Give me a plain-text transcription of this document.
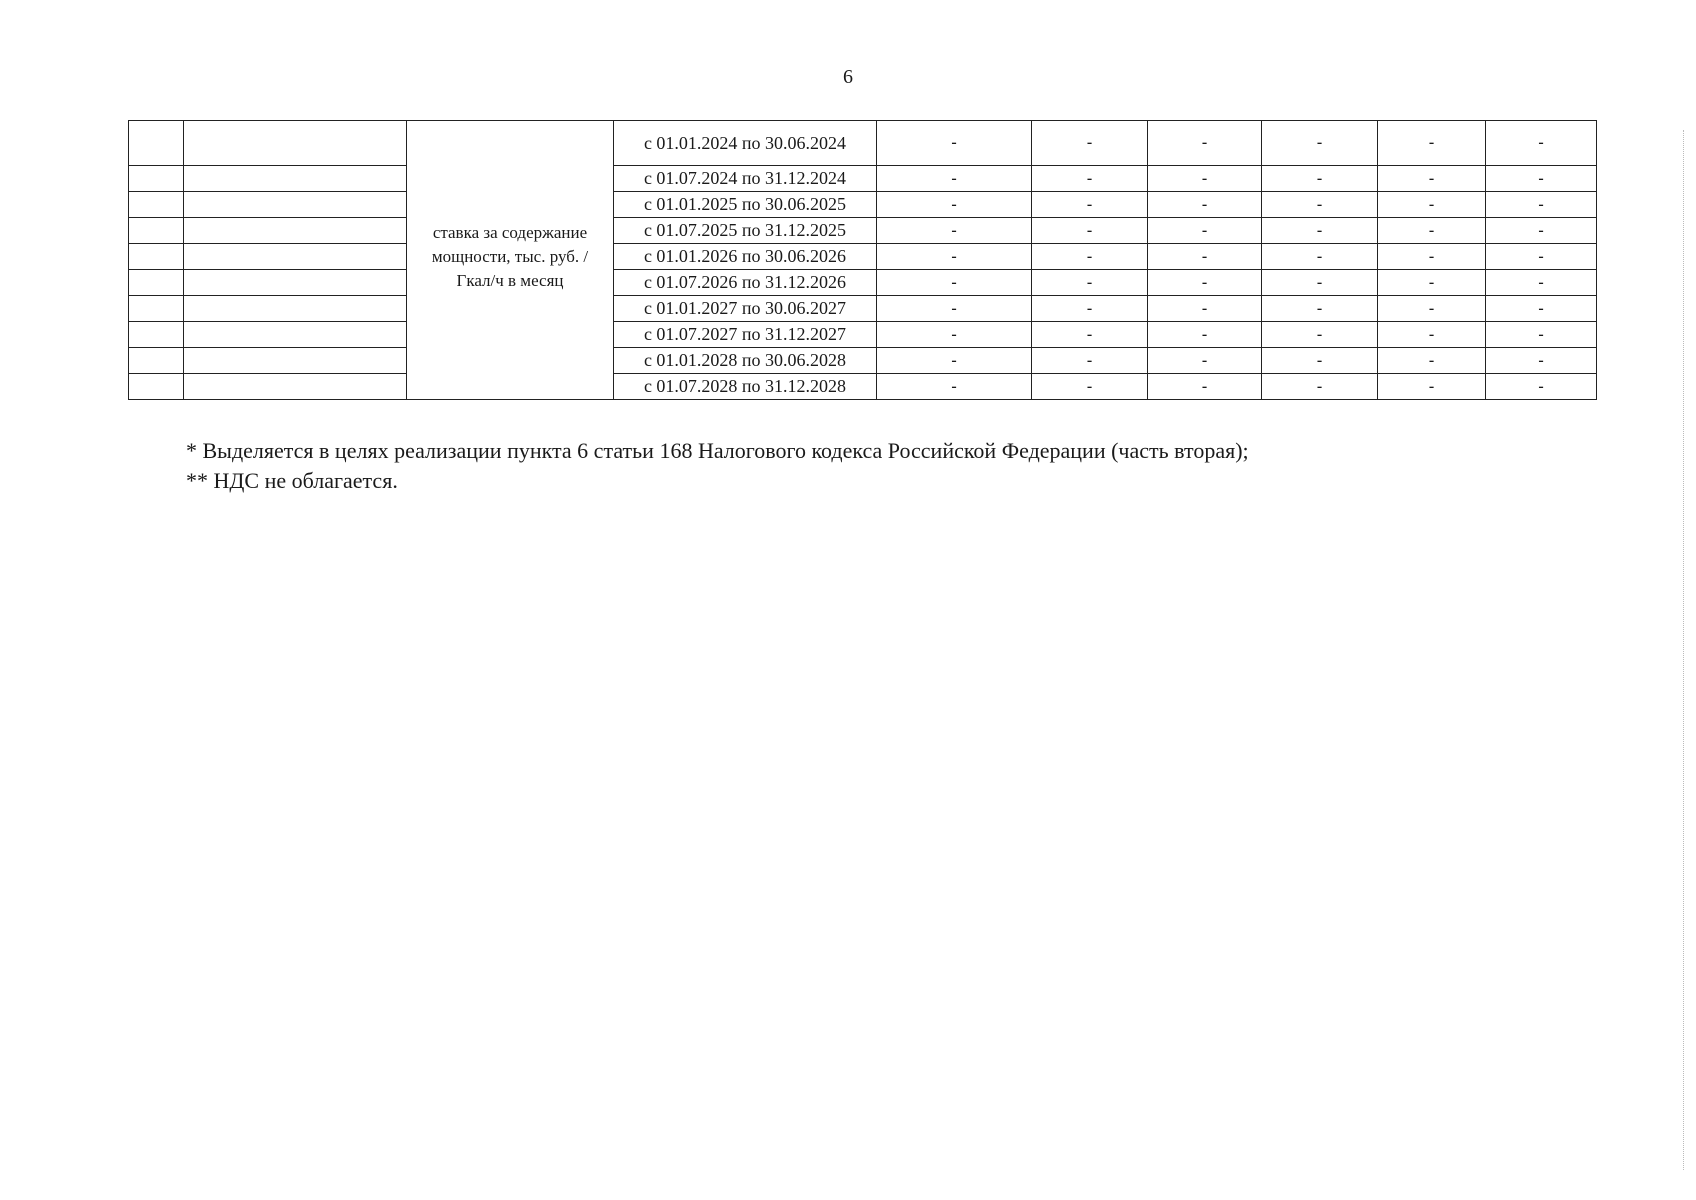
6
		ставка за содержание мощности, тыс. руб. /Гкал/ч в месяц	с 01.01.2024 по 30.06.2024	-	-	-	-	-	-
			с 01.07.2024 по 31.12.2024	-	-	-	-	-	-
			с 01.01.2025 по 30.06.2025	-	-	-	-	-	-
			с 01.07.2025 по 31.12.2025	-	-	-	-	-	-
			с 01.01.2026 по 30.06.2026	-	-	-	-	-	-
			с 01.07.2026 по 31.12.2026	-	-	-	-	-	-
			с 01.01.2027 по 30.06.2027	-	-	-	-	-	-
			с 01.07.2027 по 31.12.2027	-	-	-	-	-	-
			с 01.01.2028 по 30.06.2028	-	-	-	-	-	-
			с 01.07.2028 по 31.12.2028	-	-	-	-	-	-
* Выделяется в целях реализации пункта 6 статьи 168 Налогового кодекса Российской Федерации (часть вторая);
** НДС не облагается.
